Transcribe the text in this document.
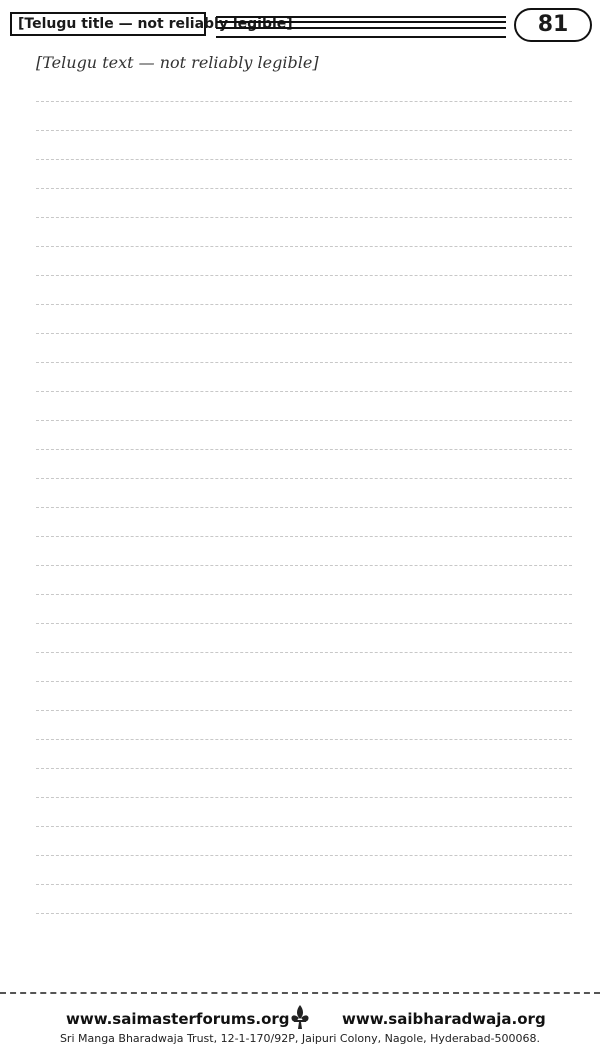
[Telugu title — not reliably legible]	81

[Telugu text — not reliably legible]

www.saimasterforums.org	www.saibharadwaja.org
Sri Manga Bharadwaja Trust, 12-1-170/92P, Jaipuri Colony, Nagole, Hyderabad-500068.
